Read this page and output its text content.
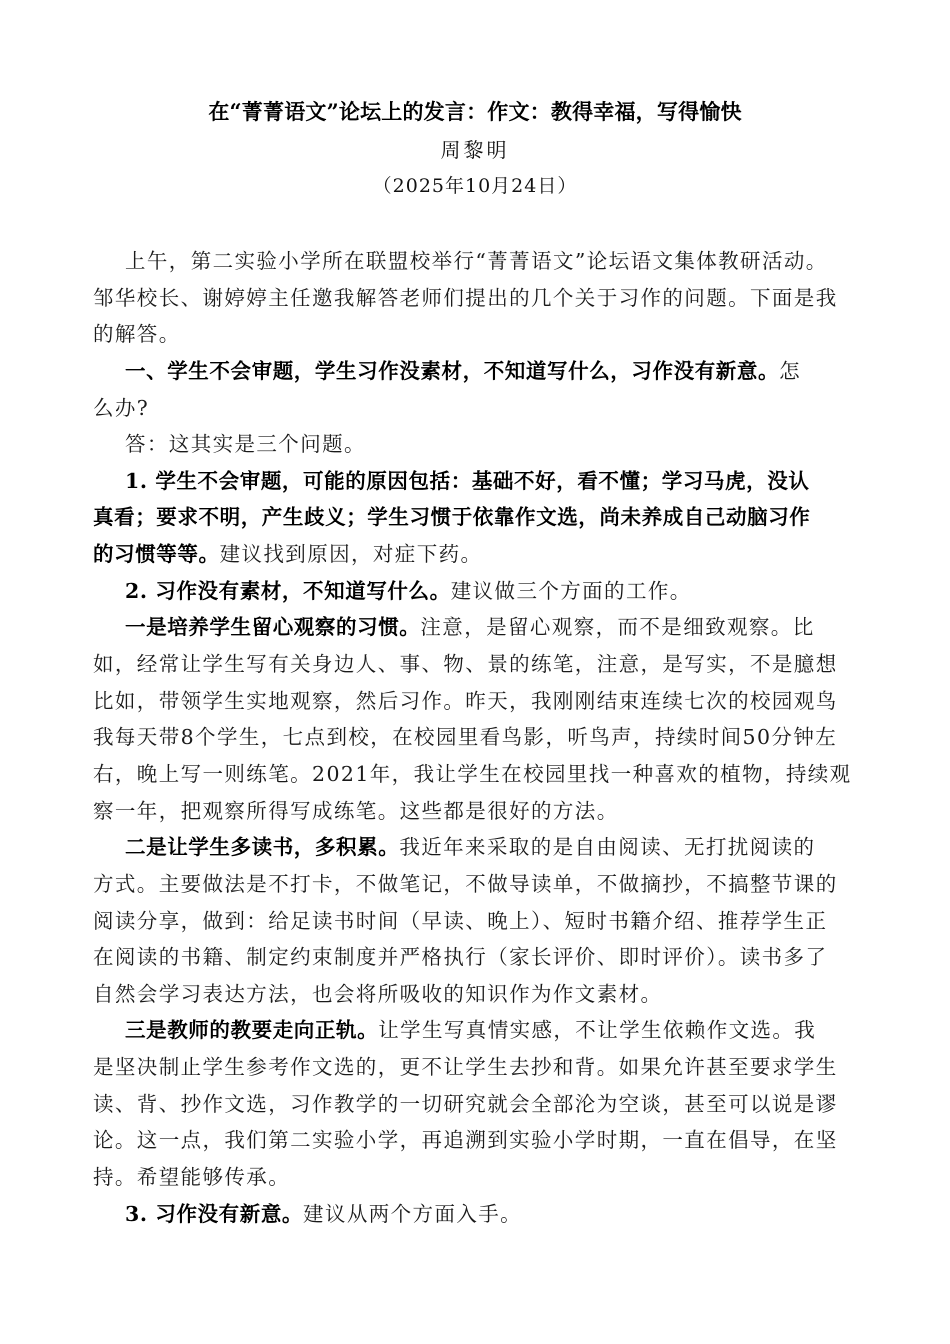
在“菁菁语文”论坛上的发言：作文：教得幸福，写得愉快
周黎明
（2025年10月24日）
上午，第二实验小学所在联盟校举行“菁菁语文”论坛语文集体教研活动。
邹华校长、谢婷婷主任邀我解答老师们提出的几个关于习作的问题。下面是我
的解答。
一、学生不会审题，学生习作没素材，不知道写什么，习作没有新意。怎
么办?
答：这其实是三个问题。
1. 学生不会审题，可能的原因包括：基础不好，看不懂；学习马虎，没认
真看；要求不明，产生歧义；学生习惯于依靠作文选，尚未养成自己动脑习作
的习惯等等。建议找到原因，对症下药。
2. 习作没有素材，不知道写什么。建议做三个方面的工作。
一是培养学生留心观察的习惯。注意，是留心观察，而不是细致观察。比
如，经常让学生写有关身边人、事、物、景的练笔，注意，是写实，不是臆想
比如，带领学生实地观察，然后习作。昨天，我刚刚结束连续七次的校园观鸟
我每天带8个学生，七点到校，在校园里看鸟影，听鸟声，持续时间50分钟左
右，晚上写一则练笔。2021年，我让学生在校园里找一种喜欢的植物，持续观
察一年，把观察所得写成练笔。这些都是很好的方法。
二是让学生多读书，多积累。我近年来采取的是自由阅读、无打扰阅读的
方式。主要做法是不打卡，不做笔记，不做导读单，不做摘抄，不搞整节课的
阅读分享，做到：给足读书时间（早读、晚上）、短时书籍介绍、推荐学生正
在阅读的书籍、制定约束制度并严格执行（家长评价、即时评价）。读书多了
自然会学习表达方法，也会将所吸收的知识作为作文素材。
三是教师的教要走向正轨。让学生写真情实感，不让学生依赖作文选。我
是坚决制止学生参考作文选的，更不让学生去抄和背。如果允许甚至要求学生
读、背、抄作文选，习作教学的一切研究就会全部沦为空谈，甚至可以说是谬
论。这一点，我们第二实验小学，再追溯到实验小学时期，一直在倡导，在坚
持。希望能够传承。
3. 习作没有新意。建议从两个方面入手。
